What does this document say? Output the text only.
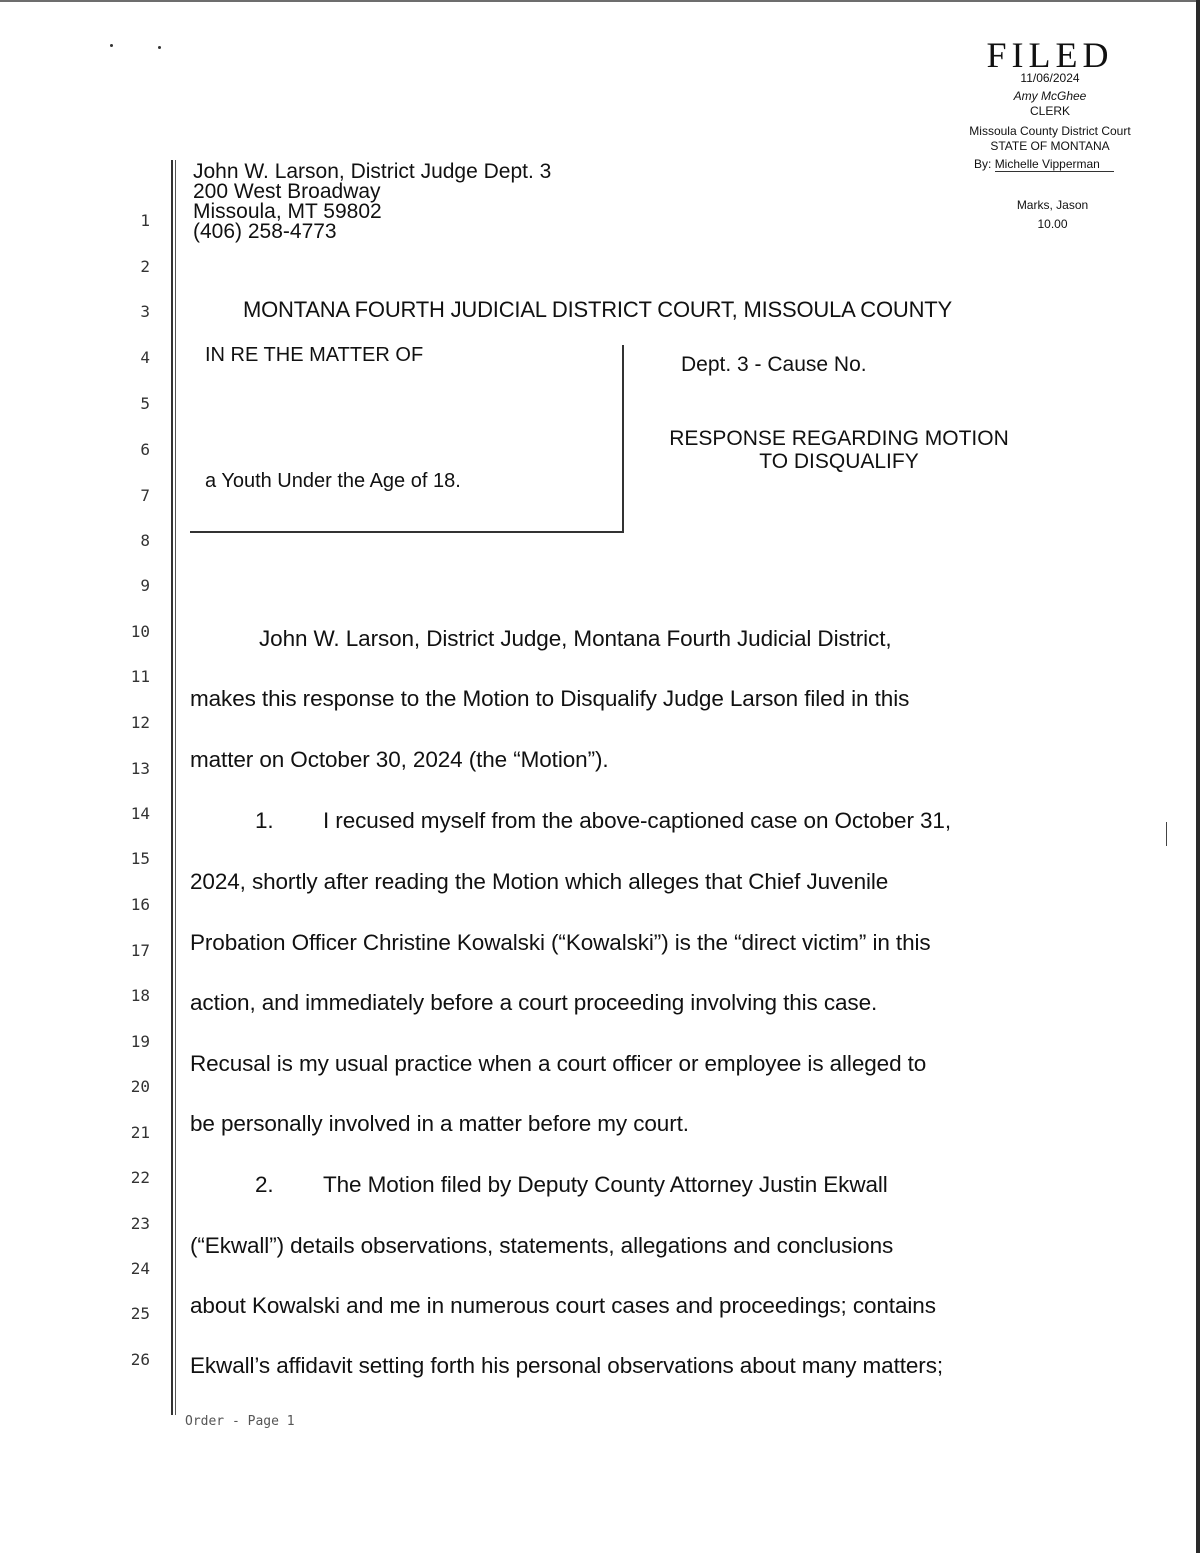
FILED
11/06/2024
Amy McGhee
CLERK
Missoula County District Court
STATE OF MONTANA
By: Michelle Vipperman
Marks, Jason
10.00
John W. Larson, District Judge Dept. 3
200 West Broadway
Missoula, MT 59802
(406) 258-4773
1
2
3
4
5
6
7
8
9
10
11
12
13
14
15
16
17
18
19
20
21
22
23
24
25
26
MONTANA FOURTH JUDICIAL DISTRICT COURT, MISSOULA COUNTY
IN RE THE MATTER OF
a Youth Under the Age of 18.
Dept. 3 - Cause No.
RESPONSE REGARDING MOTION
TO DISQUALIFY
John W. Larson, District Judge, Montana Fourth Judicial District,
makes this response to the Motion to Disqualify Judge Larson filed in this
matter on October 30, 2024 (the “Motion”).
1. I recused myself from the above-captioned case on October 31,
2024, shortly after reading the Motion which alleges that Chief Juvenile
Probation Officer Christine Kowalski (“Kowalski”) is the “direct victim” in this
action, and immediately before a court proceeding involving this case.
Recusal is my usual practice when a court officer or employee is alleged to
be personally involved in a matter before my court.
2. The Motion filed by Deputy County Attorney Justin Ekwall
(“Ekwall”) details observations, statements, allegations and conclusions
about Kowalski and me in numerous court cases and proceedings; contains
Ekwall’s affidavit setting forth his personal observations about many matters;
Order - Page 1
